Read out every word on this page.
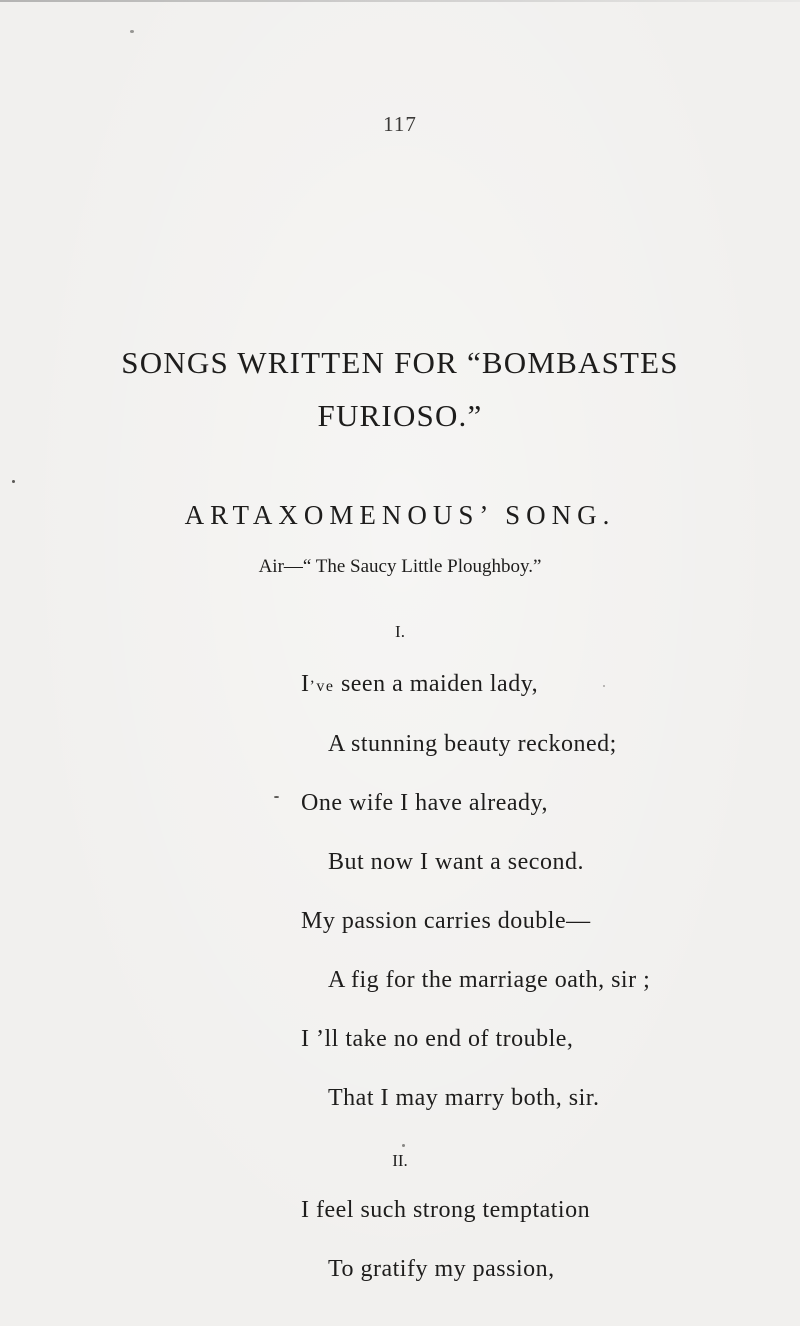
117
SONGS WRITTEN FOR “BOMBASTES
FURIOSO.”
ARTAXOMENOUS’ SONG.
Air—“ The Saucy Little Ploughboy.”
I.
I’ve seen a maiden lady,
A stunning beauty reckoned;
One wife I have already,
But now I want a second.
My passion carries double—
A fig for the marriage oath, sir ;
I ’ll take no end of trouble,
That I may marry both, sir.
II.
I feel such strong temptation
To gratify my passion,
